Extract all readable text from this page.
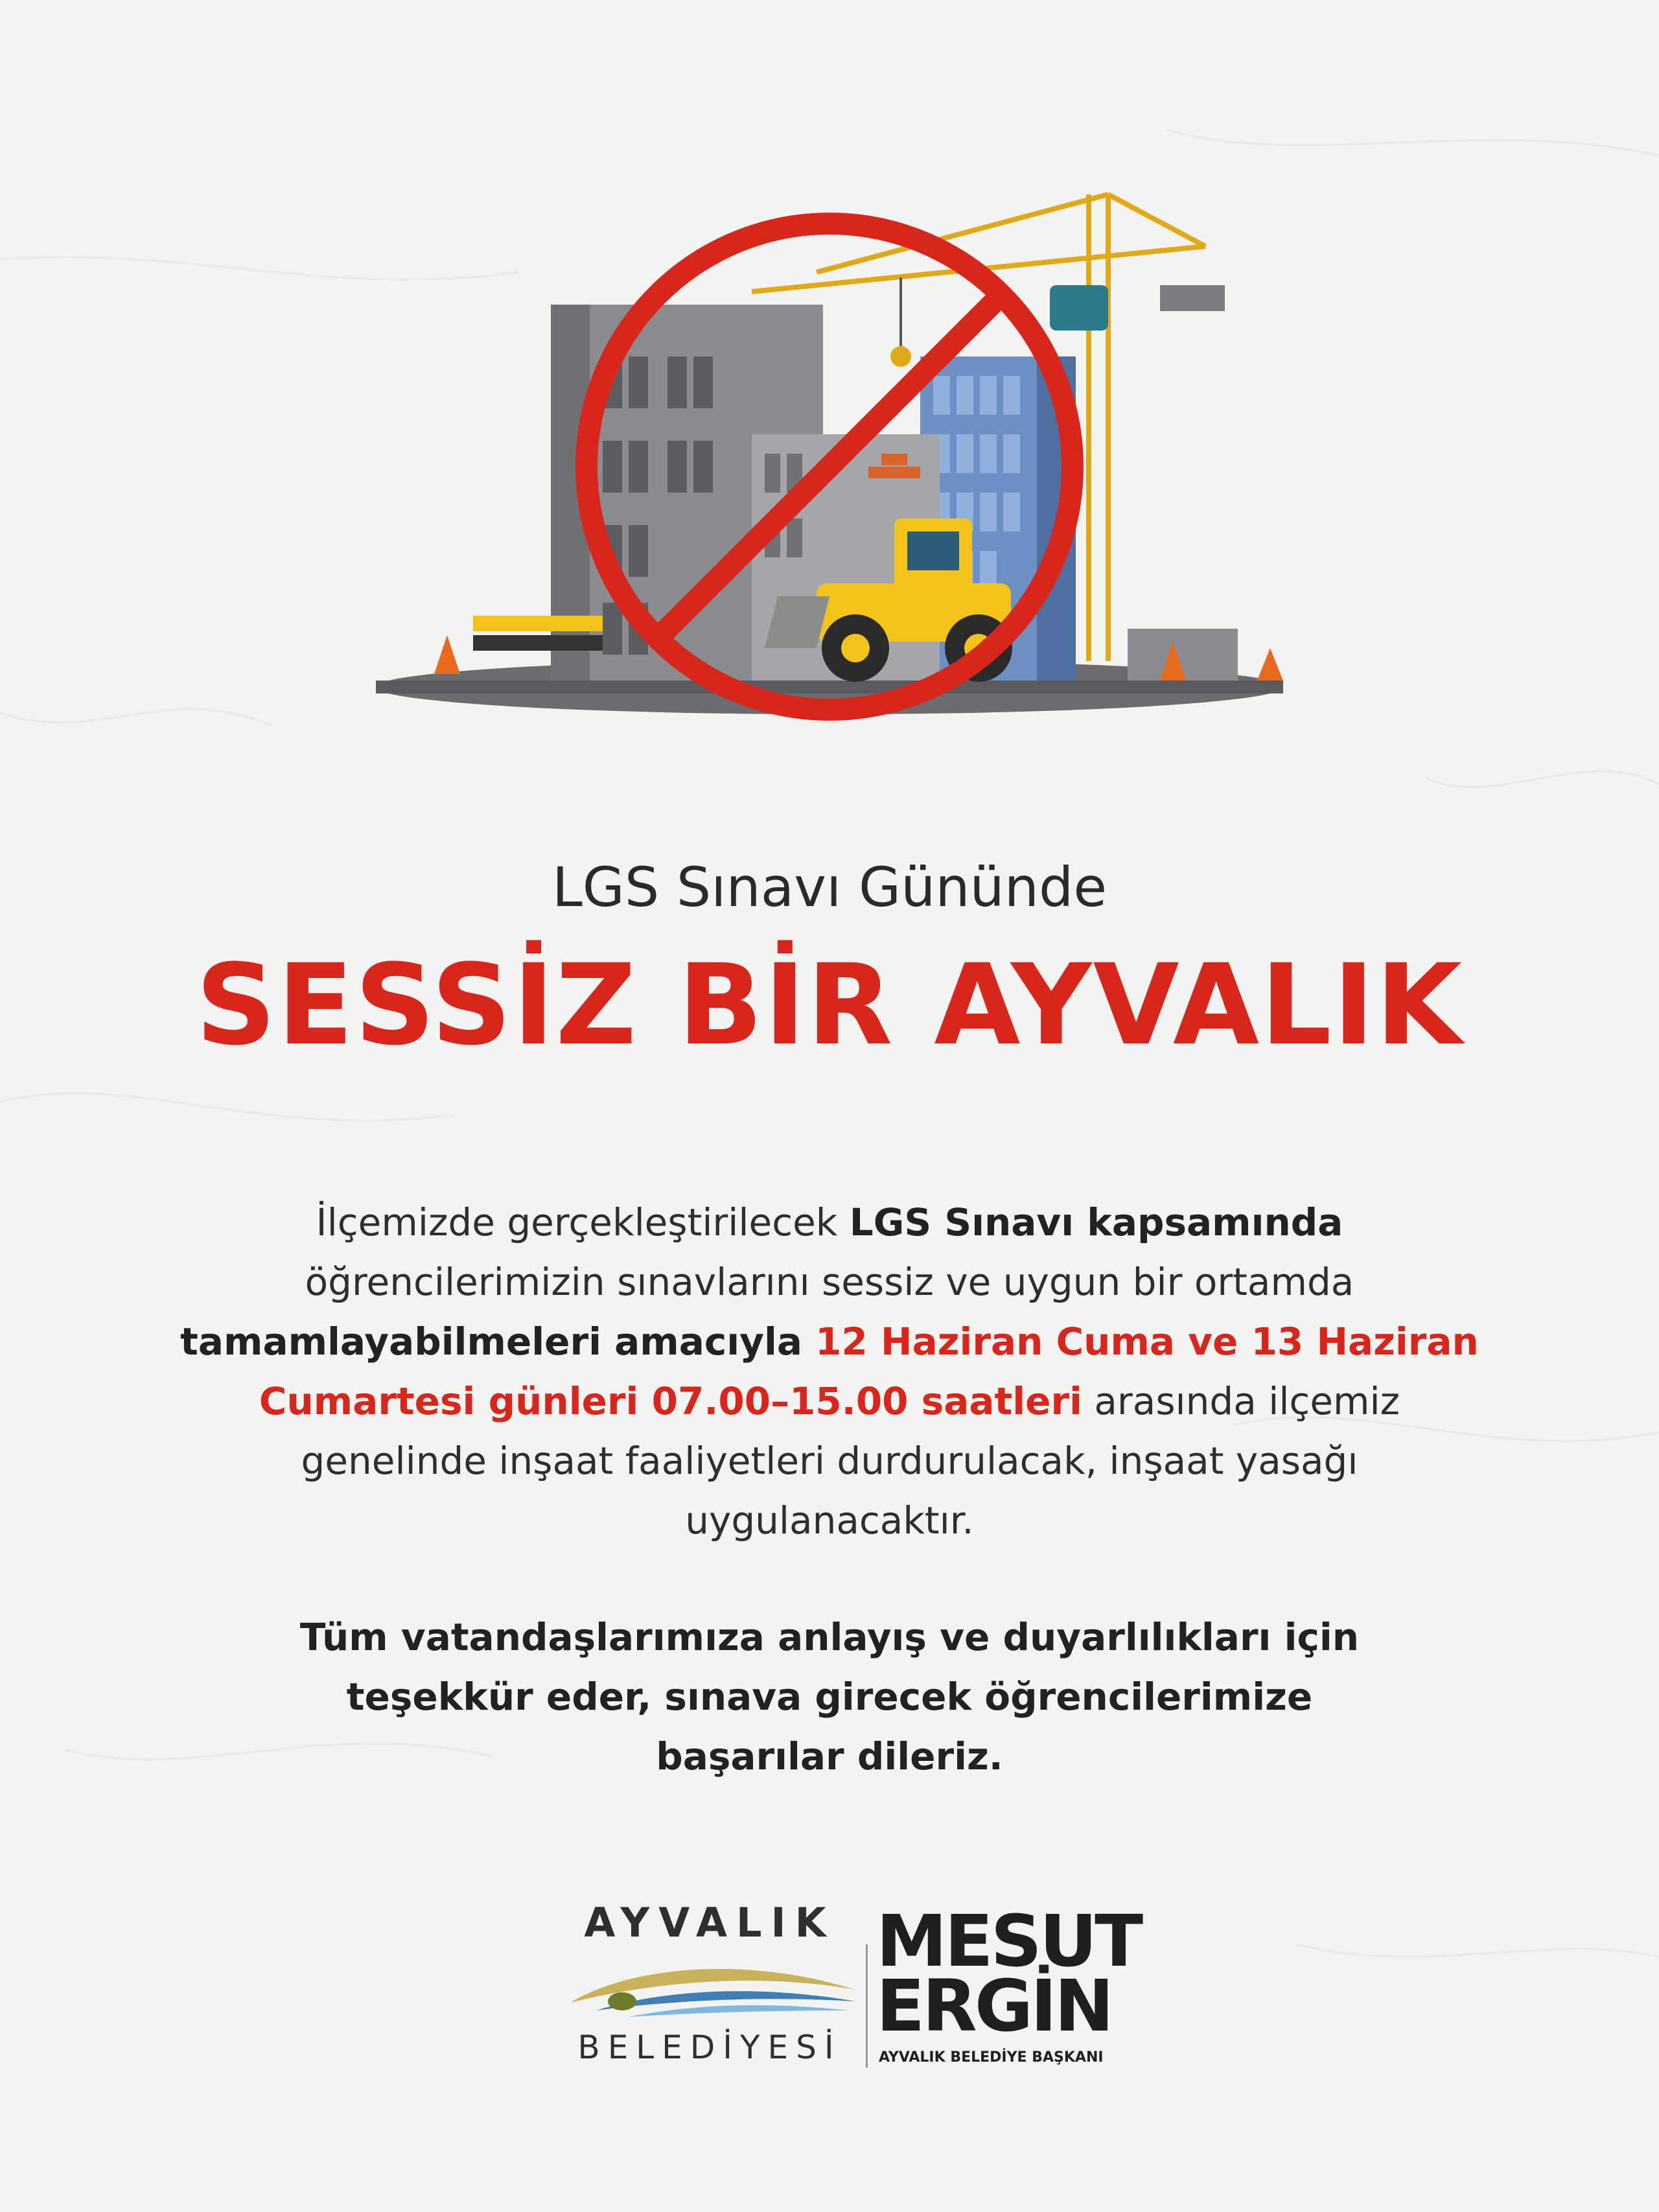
LGS Sınavı Gününde
SESSİZ BİR AYVALIK
İlçemizde gerçekleştirilecek LGS Sınavı kapsamında
öğrencilerimizin sınavlarını sessiz ve uygun bir ortamda
tamamlayabilmeleri amacıyla 12 Haziran Cuma ve 13 Haziran
Cumartesi günleri 07.00–15.00 saatleri arasında ilçemiz
genelinde inşaat faaliyetleri durdurulacak, inşaat yasağı
uygulanacaktır.
Tüm vatandaşlarımıza anlayış ve duyarlılıkları için
teşekkür eder, sınava girecek öğrencilerimize
başarılar dileriz.
AYVALIK
BELEDİYESİ
MESUT
ERGİN
AYVALIK BELEDİYE BAŞKANI
